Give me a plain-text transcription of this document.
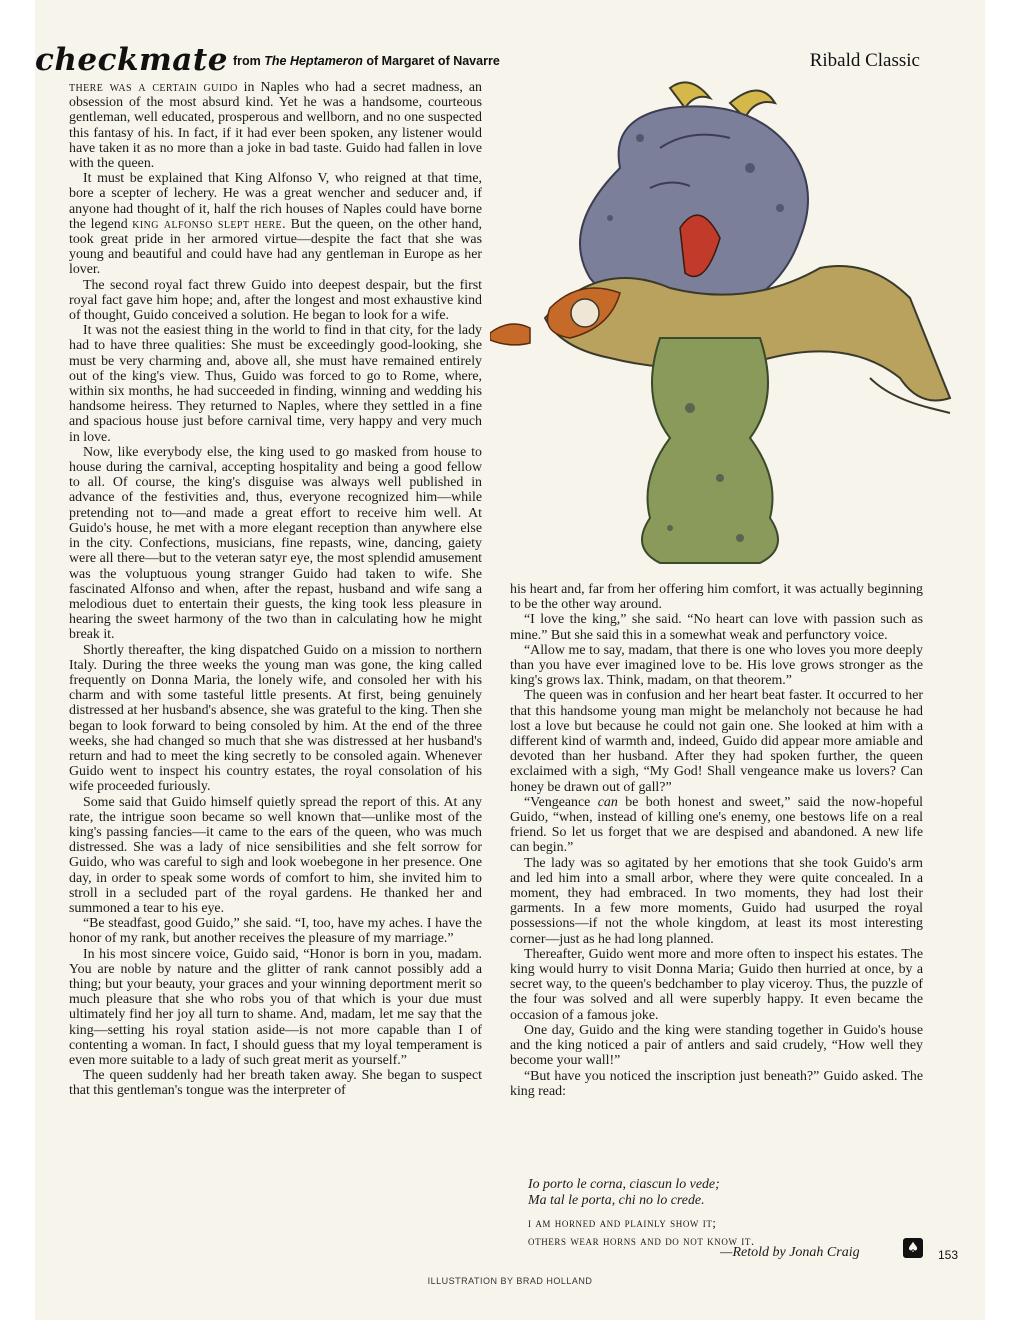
checkmate from The Heptameron of Margaret of Navarre	Ribald Classic

there was a certain guido in Naples who had a secret madness, an obsession of the most absurd kind. Yet he was a handsome, courteous gentleman, well educated, prosperous and wellborn, and no one suspected this fantasy of his. In fact, if it had ever been spoken, any listener would have taken it as no more than a joke in bad taste. Guido had fallen in love with the queen.

It must be explained that King Alfonso V, who reigned at that time, bore a scepter of lechery. He was a great wencher and seducer and, if anyone had thought of it, half the rich houses of Naples could have borne the legend king alfonso slept here. But the queen, on the other hand, took great pride in her armored virtue—despite the fact that she was young and beautiful and could have had any gentleman in Europe as her lover.

The second royal fact threw Guido into deepest despair, but the first royal fact gave him hope; and, after the longest and most exhaustive kind of thought, Guido conceived a solution. He began to look for a wife.

It was not the easiest thing in the world to find in that city, for the lady had to have three qualities: She must be exceedingly good-looking, she must be very charming and, above all, she must have remained entirely out of the king's view. Thus, Guido was forced to go to Rome, where, within six months, he had succeeded in finding, winning and wedding his handsome heiress. They returned to Naples, where they settled in a fine and spacious house just before carnival time, very happy and very much in love.

Now, like everybody else, the king used to go masked from house to house during the carnival, accepting hospitality and being a good fellow to all. Of course, the king's disguise was always well published in advance of the festivities and, thus, everyone recognized him—while pretending not to—and made a great effort to receive him well. At Guido's house, he met with a more elegant reception than anywhere else in the city. Confections, musicians, fine repasts, wine, dancing, gaiety were all there—but to the veteran satyr eye, the most splendid amusement was the voluptuous young stranger Guido had taken to wife. She fascinated Alfonso and when, after the repast, husband and wife sang a melodious duet to entertain their guests, the king took less pleasure in hearing the sweet harmony of the two than in calculating how he might break it.

Shortly thereafter, the king dispatched Guido on a mission to northern Italy. During the three weeks the young man was gone, the king called frequently on Donna Maria, the lonely wife, and consoled her with his charm and with some tasteful little presents. At first, being genuinely distressed at her husband's absence, she was grateful to the king. Then she began to look forward to being consoled by him. At the end of the three weeks, she had changed so much that she was distressed at her husband's return and had to meet the king secretly to be consoled again. Whenever Guido went to inspect his country estates, the royal consolation of his wife proceeded furiously.

Some said that Guido himself quietly spread the report of this. At any rate, the intrigue soon became so well known that—unlike most of the king's passing fancies—it came to the ears of the queen, who was much distressed. She was a lady of nice sensibilities and she felt sorrow for Guido, who was careful to sigh and look woebegone in her presence. One day, in order to speak some words of comfort to him, she invited him to stroll in a secluded part of the royal gardens. He thanked her and summoned a tear to his eye.

“Be steadfast, good Guido,” she said. “I, too, have my aches. I have the honor of my rank, but another receives the pleasure of my marriage.”

In his most sincere voice, Guido said, “Honor is born in you, madam. You are noble by nature and the glitter of rank cannot possibly add a thing; but your beauty, your graces and your winning deportment merit so much pleasure that she who robs you of that which is your due must ultimately find her joy all turn to shame. And, madam, let me say that the king—setting his royal station aside—is not more capable than I of contenting a woman. In fact, I should guess that my loyal temperament is even more suitable to a lady of such great merit as yourself.”

The queen suddenly had her breath taken away. She began to suspect that this gentleman's tongue was the interpreter of

his heart and, far from her offering him comfort, it was actually beginning to be the other way around.

“I love the king,” she said. “No heart can love with passion such as mine.” But she said this in a somewhat weak and perfunctory voice.

“Allow me to say, madam, that there is one who loves you more deeply than you have ever imagined love to be. His love grows stronger as the king's grows lax. Think, madam, on that theorem.”

The queen was in confusion and her heart beat faster. It occurred to her that this handsome young man might be melancholy not because he had lost a love but because he could not gain one. She looked at him with a different kind of warmth and, indeed, Guido did appear more amiable and devoted than her husband. After they had spoken further, the queen exclaimed with a sigh, “My God! Shall vengeance make us lovers? Can honey be drawn out of gall?”

“Vengeance can be both honest and sweet,” said the now-hopeful Guido, “when, instead of killing one's enemy, one bestows life on a real friend. So let us forget that we are despised and abandoned. A new life can begin.”

The lady was so agitated by her emotions that she took Guido's arm and led him into a small arbor, where they were quite concealed. In a moment, they had embraced. In two moments, they had lost their garments. In a few more moments, Guido had usurped the royal possessions—if not the whole kingdom, at least its most interesting corner—just as he had long planned.

Thereafter, Guido went more and more often to inspect his estates. The king would hurry to visit Donna Maria; Guido then hurried at once, by a secret way, to the queen's bedchamber to play viceroy. Thus, the puzzle of the four was solved and all were superbly happy. It even became the occasion of a famous joke.

One day, Guido and the king were standing together in Guido's house and the king noticed a pair of antlers and said crudely, “How well they become your wall!”

“But have you noticed the inscription just beneath?” Guido asked. The king read:

Io porto le corna, ciascun lo vede;
Ma tal le porta, chi no lo crede.
i am horned and plainly show it;
others wear horns and do not know it.
—Retold by Jonah Craig	♠	153
ILLUSTRATION BY BRAD HOLLAND
